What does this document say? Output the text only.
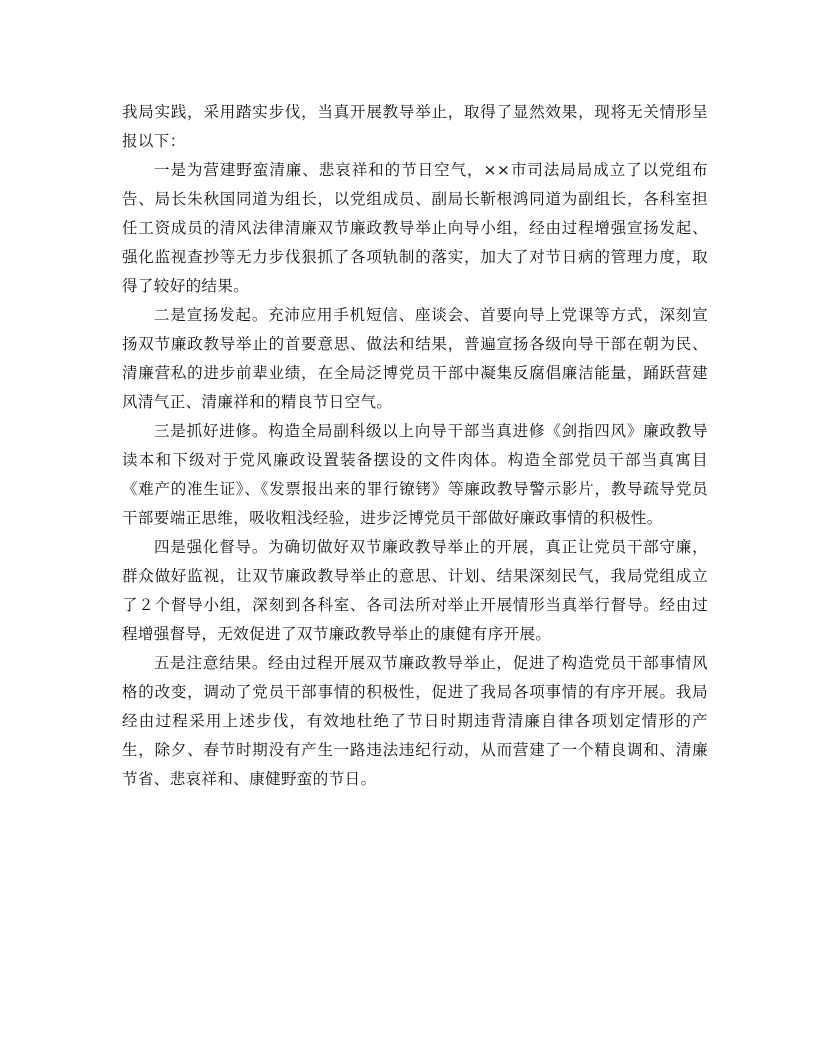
我局实践，采用踏实步伐，当真开展教导举止，取得了显然效果，现将无关情形呈报以下：

一是为营建野蛮清廉、悲哀祥和的节日空气，××市司法局局成立了以党组布告、局长朱秋国同道为组长，以党组成员、副局长靳根鸿同道为副组长，各科室担任工资成员的清风法律清廉双节廉政教导举止向导小组，经由过程增强宣扬发起、强化监视查抄等无力步伐狠抓了各项轨制的落实，加大了对节日病的管理力度，取得了较好的结果。

二是宣扬发起。充沛应用手机短信、座谈会、首要向导上党课等方式，深刻宣扬双节廉政教导举止的首要意思、做法和结果，普遍宣扬各级向导干部在朝为民、清廉营私的进步前辈业绩，在全局泛博党员干部中凝集反腐倡廉洁能量，踊跃营建风清气正、清廉祥和的精良节日空气。

三是抓好进修。构造全局副科级以上向导干部当真进修《剑指四风》廉政教导读本和下级对于党风廉政设置装备摆设的文件肉体。构造全部党员干部当真寓目《难产的准生证》、《发票报出来的罪行镣铐》等廉政教导警示影片，教导疏导党员干部要端正思维，吸收粗浅经验，进步泛博党员干部做好廉政事情的积极性。

四是强化督导。为确切做好双节廉政教导举止的开展，真正让党员干部守廉，群众做好监视，让双节廉政教导举止的意思、计划、结果深刻民气，我局党组成立了２个督导小组，深刻到各科室、各司法所对举止开展情形当真举行督导。经由过程增强督导，无效促进了双节廉政教导举止的康健有序开展。

五是注意结果。经由过程开展双节廉政教导举止，促进了构造党员干部事情风格的改变，调动了党员干部事情的积极性，促进了我局各项事情的有序开展。我局经由过程采用上述步伐，有效地杜绝了节日时期违背清廉自律各项划定情形的产生，除夕、春节时期没有产生一路违法违纪行动，从而营建了一个精良调和、清廉节省、悲哀祥和、康健野蛮的节日。
